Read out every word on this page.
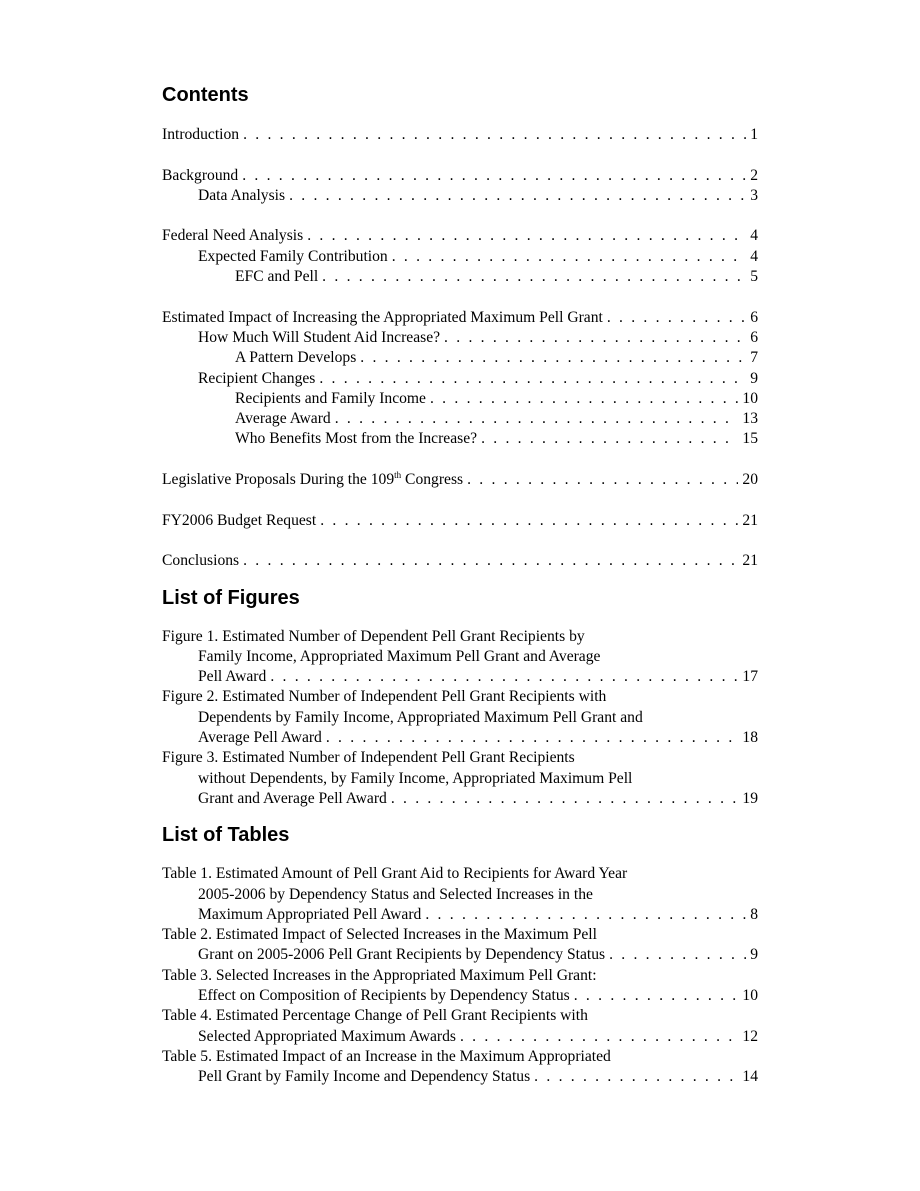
Contents
Introduction . . .	1
Background . . .	2
Data Analysis . . .	3
Federal Need Analysis . . .	4
Expected Family Contribution . . .	4
EFC and Pell . . .	5
Estimated Impact of Increasing the Appropriated Maximum Pell Grant . . .	6
How Much Will Student Aid Increase? . . .	6
A Pattern Develops . . .	7
Recipient Changes . . .	9
Recipients and Family Income . . .	10
Average Award . . .	13
Who Benefits Most from the Increase? . . .	15
Legislative Proposals During the 109th Congress . . .	20
FY2006 Budget Request . . .	21
Conclusions . . .	21
List of Figures
Figure 1. Estimated Number of Dependent Pell Grant Recipients by
Family Income, Appropriated Maximum Pell Grant and Average
Pell Award . . .	17
Figure 2. Estimated Number of Independent Pell Grant Recipients with
Dependents by Family Income, Appropriated Maximum Pell Grant and
Average Pell Award . . .	18
Figure 3. Estimated Number of Independent Pell Grant Recipients
without Dependents, by Family Income, Appropriated Maximum Pell
Grant and Average Pell Award . . .	19
List of Tables
Table 1. Estimated Amount of Pell Grant Aid to Recipients for Award Year
2005-2006 by Dependency Status and Selected Increases in the
Maximum Appropriated Pell Award . . .	8
Table 2. Estimated Impact of Selected Increases in the Maximum Pell
Grant on 2005-2006 Pell Grant Recipients by Dependency Status . . .	9
Table 3. Selected Increases in the Appropriated Maximum Pell Grant:
Effect on Composition of Recipients by Dependency Status . . .	10
Table 4. Estimated Percentage Change of Pell Grant Recipients with
Selected Appropriated Maximum Awards . . .	12
Table 5. Estimated Impact of an Increase in the Maximum Appropriated
Pell Grant by Family Income and Dependency Status . . .	14
